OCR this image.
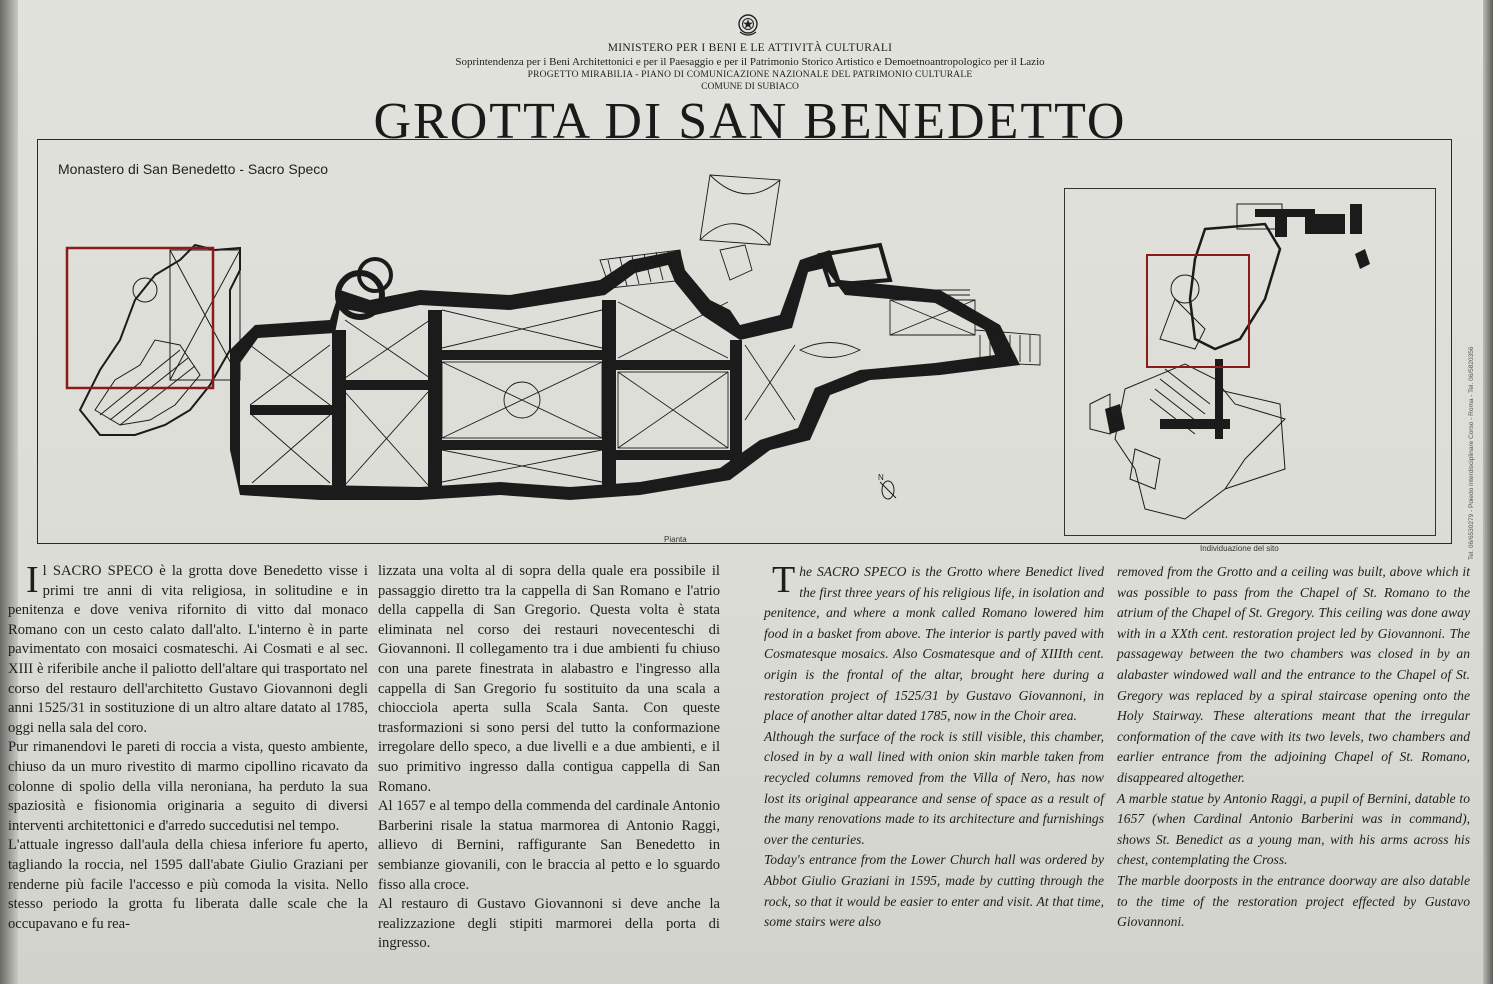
MINISTERO PER I BENI E LE ATTIVITÀ CULTURALI
Soprintendenza per i Beni Architettonici e per il Paesaggio e per il Patrimonio Storico Artistico e Demoetnoantropologico per il Lazio
PROGETTO MIRABILIA - PIANO DI COMUNICAZIONE NAZIONALE DEL PATRIMONIO CULTURALE
COMUNE DI SUBIACO
GROTTA DI SAN BENEDETTO
Monastero di San Benedetto - Sacro Speco
N
Pianta
Individuazione del sito	Tel. 06/6530279 - Poiedo interdisciplinare Corso - Roma - Tel. 06/5820356

Il SACRO SPECO è la grotta dove Benedetto visse i primi tre anni di vita religiosa, in solitudine e in penitenza e dove veniva rifornito di vitto dal monaco Romano con un cesto calato dall'alto. L'interno è in parte pavimentato con mosaici cosmateschi. Ai Cosmati e al sec. XIII è riferibile anche il paliotto dell'altare qui trasportato nel corso del restauro dell'architetto Gustavo Giovannoni degli anni 1525/31 in sostituzione di un altro altare datato al 1785, oggi nella sala del coro.

Pur rimanendovi le pareti di roccia a vista, questo ambiente, chiuso da un muro rivestito di marmo cipollino ricavato da colonne di spolio della villa neroniana, ha perduto la sua spaziosità e fisionomia originaria a seguito di diversi interventi architettonici e d'arredo succedutisi nel tempo.

L'attuale ingresso dall'aula della chiesa inferiore fu aperto, tagliando la roccia, nel 1595 dall'abate Giulio Graziani per renderne più facile l'accesso e più comoda la visita. Nello stesso periodo la grotta fu liberata dalle scale che la occupavano e fu rea-

lizzata una volta al di sopra della quale era possibile il passaggio diretto tra la cappella di San Romano e l'atrio della cappella di San Gregorio. Questa volta è stata eliminata nel corso dei restauri novecenteschi di Giovannoni. Il collegamento tra i due ambienti fu chiuso con una parete finestrata in alabastro e l'ingresso alla cappella di San Gregorio fu sostituito da una scala a chiocciola aperta sulla Scala Santa. Con queste trasformazioni si sono persi del tutto la conformazione irregolare dello speco, a due livelli e a due ambienti, e il suo primitivo ingresso dalla contigua cappella di San Romano.

Al 1657 e al tempo della commenda del cardinale Antonio Barberini risale la statua marmorea di Antonio Raggi, allievo di Bernini, raffigurante San Benedetto in sembianze giovanili, con le braccia al petto e lo sguardo fisso alla croce.

Al restauro di Gustavo Giovannoni si deve anche la realizzazione degli stipiti marmorei della porta di ingresso.

The SACRO SPECO is the Grotto where Benedict lived the first three years of his religious life, in isolation and penitence, and where a monk called Romano lowered him food in a basket from above. The interior is partly paved with Cosmatesque mosaics. Also Cosmatesque and of XIIIth cent. origin is the frontal of the altar, brought here during a restoration project of 1525/31 by Gustavo Giovannoni, in place of another altar dated 1785, now in the Choir area.

Although the surface of the rock is still visible, this chamber, closed in by a wall lined with onion skin marble taken from recycled columns removed from the Villa of Nero, has now lost its original appearance and sense of space as a result of the many renovations made to its architecture and furnishings over the centuries.

Today's entrance from the Lower Church hall was ordered by Abbot Giulio Graziani in 1595, made by cutting through the rock, so that it would be easier to enter and visit. At that time, some stairs were also

removed from the Grotto and a ceiling was built, above which it was possible to pass from the Chapel of St. Romano to the atrium of the Chapel of St. Gregory. This ceiling was done away with in a XXth cent. restoration project led by Giovannoni. The passageway between the two chambers was closed in by an alabaster windowed wall and the entrance to the Chapel of St. Gregory was replaced by a spiral staircase opening onto the Holy Stairway. These alterations meant that the irregular conformation of the cave with its two levels, two chambers and earlier entrance from the adjoining Chapel of St. Romano, disappeared altogether.

A marble statue by Antonio Raggi, a pupil of Bernini, datable to 1657 (when Cardinal Antonio Barberini was in command), shows St. Benedict as a young man, with his arms across his chest, contemplating the Cross.

The marble doorposts in the entrance doorway are also datable to the time of the restoration project effected by Gustavo Giovannoni.
